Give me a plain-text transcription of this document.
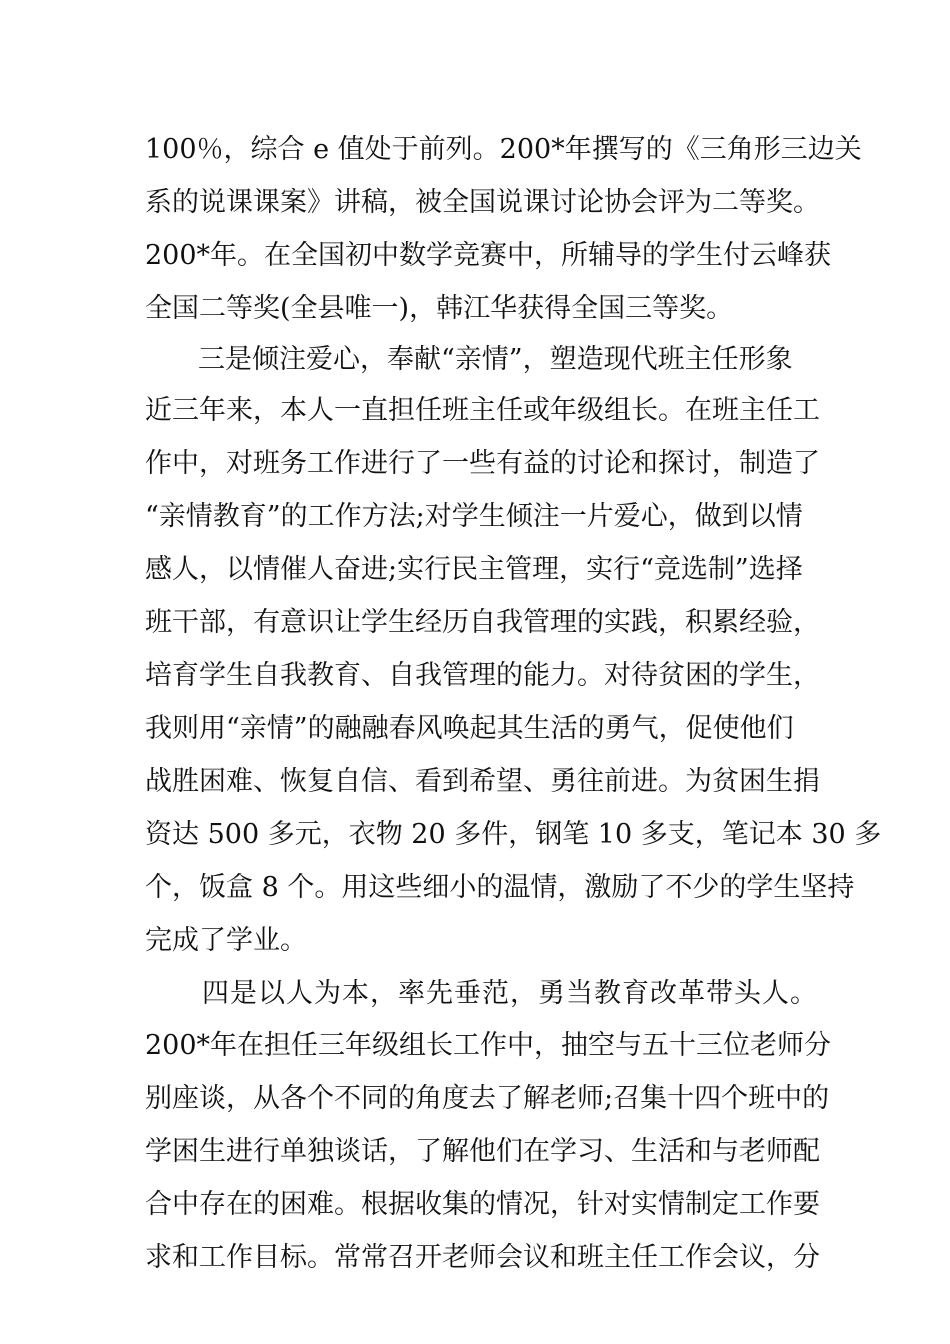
100％，综合 e 值处于前列。200*年撰写的《三角形三边关
系的说课课案》讲稿，被全国说课讨论协会评为二等奖。
200*年。在全国初中数学竞赛中，所辅导的学生付云峰获
全国二等奖(全县唯一)，韩江华获得全国三等奖。
三是倾注爱心，奉献“亲情”，塑造现代班主任形象
近三年来，本人一直担任班主任或年级组长。在班主任工
作中，对班务工作进行了一些有益的讨论和探讨，制造了
“亲情教育”的工作方法;对学生倾注一片爱心，做到以情
感人，以情催人奋进;实行民主管理，实行“竞选制”选择
班干部，有意识让学生经历自我管理的实践，积累经验，
培育学生自我教育、自我管理的能力。对待贫困的学生，
我则用“亲情”的融融春风唤起其生活的勇气，促使他们
战胜困难、恢复自信、看到希望、勇往前进。为贫困生捐
资达 500 多元，衣物 20 多件，钢笔 10 多支，笔记本 30 多
个，饭盒 8 个。用这些细小的温情，激励了不少的学生坚持
完成了学业。
四是以人为本，率先垂范，勇当教育改革带头人。
200*年在担任三年级组长工作中，抽空与五十三位老师分
别座谈，从各个不同的角度去了解老师;召集十四个班中的
学困生进行单独谈话，了解他们在学习、生活和与老师配
合中存在的困难。根据收集的情况，针对实情制定工作要
求和工作目标。常常召开老师会议和班主任工作会议，分
